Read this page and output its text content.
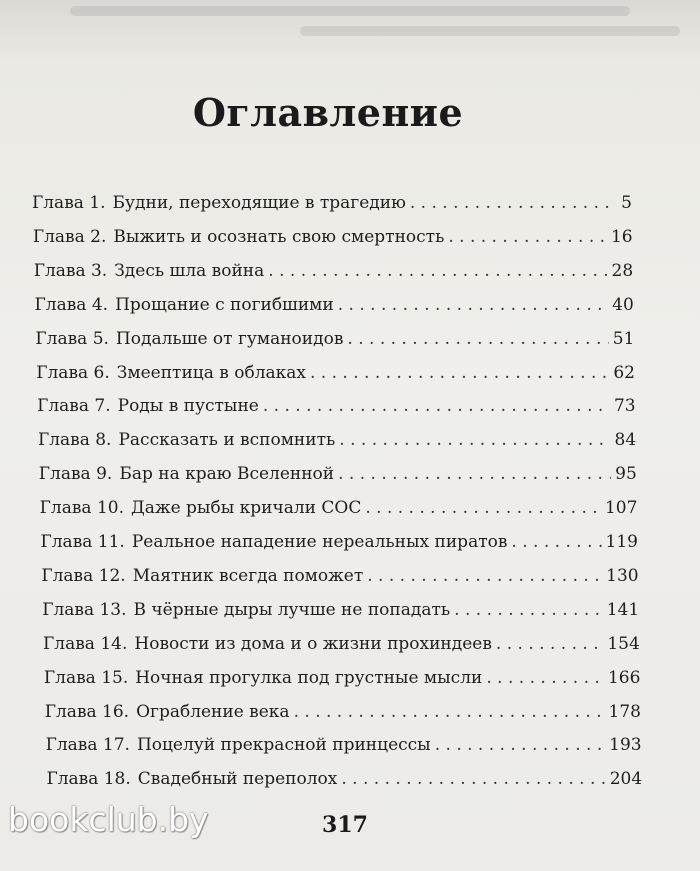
Оглавление
Глава 1. Будни, переходящие в трагедию . . .	5
Глава 2. Выжить и осознать свою смертность . . .	16
Глава 3. Здесь шла война . . .	28
Глава 4. Прощание с погибшими . . .	40
Глава 5. Подальше от гуманоидов . . .	51
Глава 6. Змеептица в облаках . . .	62
Глава 7. Роды в пустыне . . .	73
Глава 8. Рассказать и вспомнить . . .	84
Глава 9. Бар на краю Вселенной . . .	95
Глава 10. Даже рыбы кричали СОС . . .	107
Глава 11. Реальное нападение нереальных пиратов . . .	119
Глава 12. Маятник всегда поможет . . .	130
Глава 13. В чёрные дыры лучше не попадать . . .	141
Глава 14. Новости из дома и о жизни прохиндеев . . .	154
Глава 15. Ночная прогулка под грустные мысли . . .	166
Глава 16. Ограбление века . . .	178
Глава 17. Поцелуй прекрасной принцессы . . .	193
Глава 18. Свадебный переполох . . .	204
317
bookclub.by
